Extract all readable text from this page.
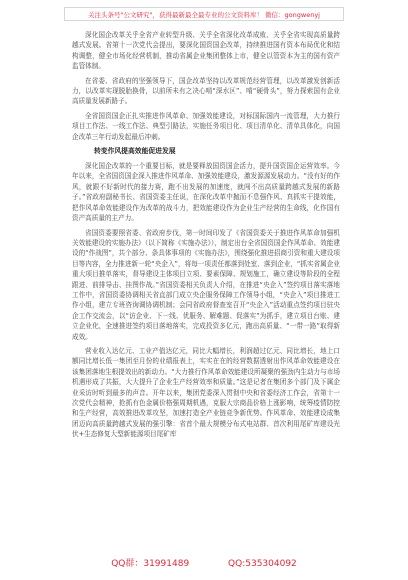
关注头条号"公文研究"，获得最新最全最专业的公文资料库！ 微信：gongwenyj

深化国企改革关乎全省产业转型升级、关乎全省深化改革成败、关乎全省实现高质量跨越式发展。省第十一次党代会提出，要深化国资国企改革，持续推进国有资本布局优化和结构调整，健全市场化经营机制，推动省属企业集团整体上市，健全以管资本为主的国有资产监管体制。

在省委、省政府的坚强领导下，国企改革坚持以改革规范经营管理，以改革激发创新活力，以改革实现脱胎换骨，以前所未有之决心啃“深水区”、啃“硬骨头”，努力探索国有企业高质量发展新路子。

全省国资国企正扎实推进作风革命、加强效能建设，对标国际国内一流管理，大力推行项目工作法、一线工作法、典型引路法，实施任务项目化、项目清单化、清单具体化，向国企改革三年行动发起最后冲刺。

转变作风提高效能促进发展

深化国企改革的一个重要目标，就是要释放国资国企活力，提升国资国企运营效率。今年以来，全省国资国企深入推进作风革命、加强效能建设，激发源源发展动力。“没有好的作风，就跟不好新时代的接力赛，跑不出发展的加速度，就闯不出高质量跨越式发展的新路子。”省政府副秘书长、省国资委主任说，在深化改革中抛而不息强作风、真抓实干提效能，把作风革命效能建设作为改革的战斗力，把效能建设作为企业生产经营的生命线，化作国有资产高质量的主产力。

省国资委要照省委、省政府步伐，第一时间印发了《省国资委关于推进作风革命加强机关效能建设的实施办法》（以下简称《实施办法》），制定出台全省国资国企作风革命、效能建设的“作战图”，共个部分、条具体事项的《实施办法》，围绕强化推进招商引资和重大建设项目等内容，全力推进新一轮“央企入”，将每一项责任都落到处室、落到企业，“抓实省属企业重大项目推单落实，督导建设主体项目立项、要素保障、规划施工，确立建设等阶段的全程跟进、前排导击、挂图作战。”省国资委相关负责人介绍，在推进“央企入”签约项目落实落地工作中，省国资委协调相关省直部门成立央企服务保障工作领导小组，“央企入”项目推进工作小组，建立专班咨询调协调机制；会同省政府督查室召开“央企入”活动重点签约项目驻央企工作交流会，以“访企业、下一线、优服务、解难题、促落实”为抓手，建立项目台账、建立企业化，全速推进签约项目落地落实，完成投资多亿元，跑出高质量、“一带一路”取得新成效。

营业收入达亿元、工业产值达亿元，同比大幅增长，利润超过亿元、同比增长，地上口额同比增长低一集团至月份的业绩报表上，实实在在的经营数据透射出作风革命效能建设在该集团落地生根提效出的新动力。“大力推行作风革命效能建设所凝聚的强劲内生动力与市场机遇形成了共振，大大提升了企业生产经营效率和质量。”这是记者在集团多个部门及下属企业采访时听到最多的声音。开年以来，集团党委深入贯彻中央和省委经济工作会，省第十一次党代会精神，抢抓有色金属价格强周期机遇，克服大宗商品价格上涨影响，统筹疫情防控和生产经营，高效推进改革攻坚，加速打造全产业链竞争新优势。作风革命、效能建设成集团迈向高质量跨越式发展的强引擎：省首个最大规模分布式电站群、首次利用尾矿库建设光伏+生态修复大型新能源项目尾矿库

QQ群：31991489	QQ:535304092
